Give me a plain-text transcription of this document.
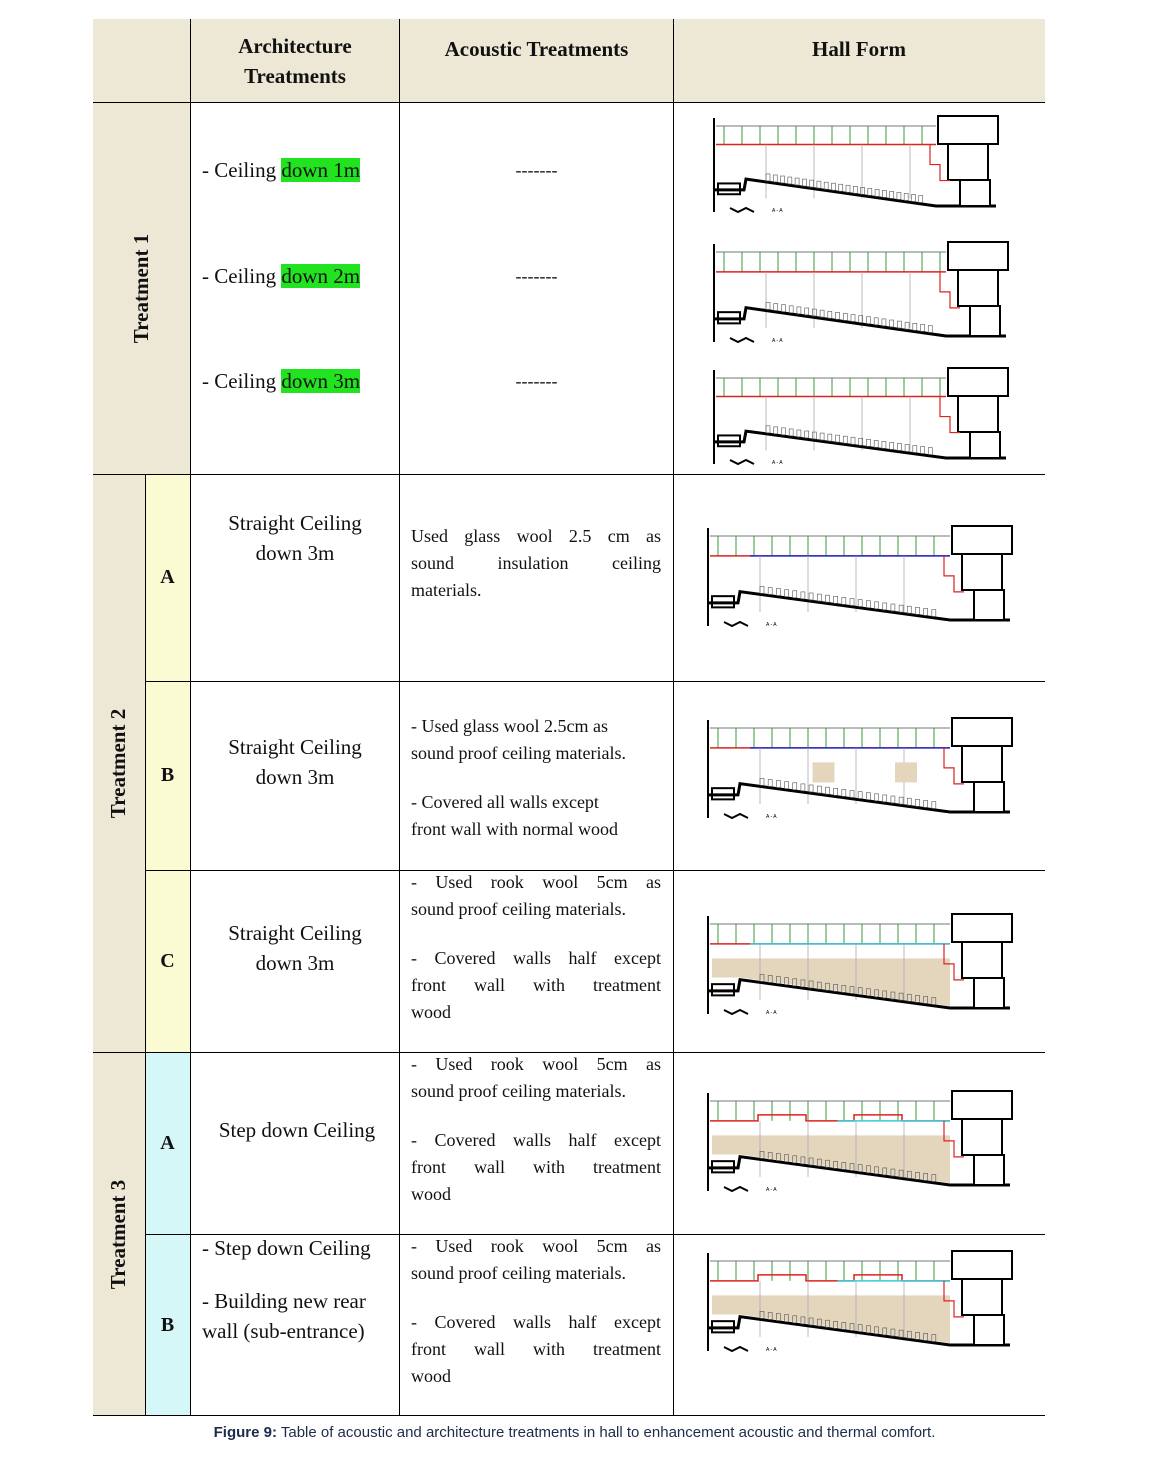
Treatment 1
Treatment 2
Treatment 3
A
B
C
A
B
Architecture Treatments
Acoustic Treatments	Hall Form
- Ceiling down 1m
- Ceiling down 2m
- Ceiling down 3m
-------
-------
-------
Straight Ceiling down 3m
Straight Ceiling down 3m
Straight Ceiling down 3m
Used glass wool 2.5 cm as
sound insulation ceiling
materials.
- Used glass wool 2.5cm as
sound proof ceiling materials.
- Covered all walls except
front wall with normal wood
- Used rook wool 5cm as
sound proof ceiling materials.
- Covered walls half except
front wall with treatment
wood
Step down Ceiling
- Step down Ceiling
- Building new rear wall (sub-entrance)
- Used rook wool 5cm as
sound proof ceiling materials.
- Covered walls half except
front wall with treatment
wood
- Used rook wool 5cm as
sound proof ceiling materials.
- Covered walls half except
front wall with treatment
wood
A - A
A - A
A - A
A - A
A - A
A - A
A - A
A - A
Figure 9: Table of acoustic and architecture treatments in hall to enhancement acoustic and thermal comfort.
